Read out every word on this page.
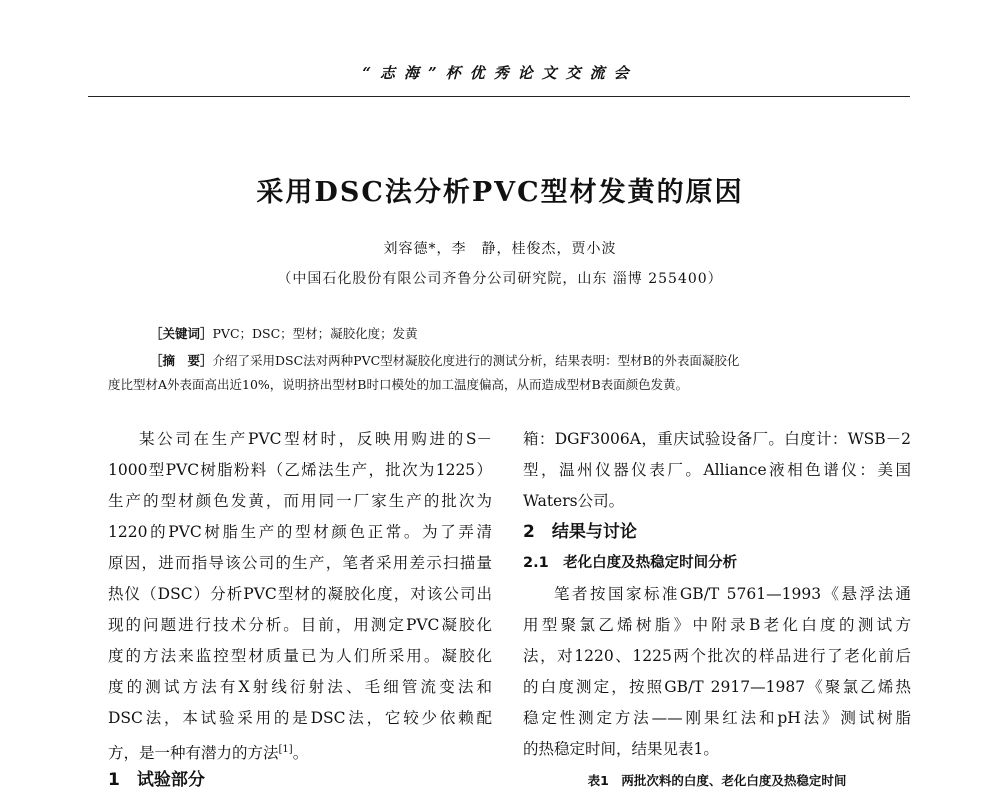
“志海”杯优秀论文交流会
采用DSC法分析PVC型材发黄的原因
刘容德*，李　静，桂俊杰，贾小波
（中国石化股份有限公司齐鲁分公司研究院，山东 淄博 255400）
［关键词］PVC；DSC；型材；凝胶化度；发黄
［摘　要］介绍了采用DSC法对两种PVC型材凝胶化度进行的测试分析，结果表明：型材B的外表面凝胶化
度比型材A外表面高出近10%，说明挤出型材B时口模处的加工温度偏高，从而造成型材B表面颜色发黄。
某公司在生产PVC型材时，反映用购进的S－
1000型PVC树脂粉料（乙烯法生产，批次为1225）
生产的型材颜色发黄，而用同一厂家生产的批次为
1220的PVC树脂生产的型材颜色正常。为了弄清
原因，进而指导该公司的生产，笔者采用差示扫描量
热仪（DSC）分析PVC型材的凝胶化度，对该公司出
现的问题进行技术分析。目前，用测定PVC凝胶化
度的方法来监控型材质量已为人们所采用。凝胶化
度的测试方法有X射线衍射法、毛细管流变法和
DSC法，本试验采用的是DSC法，它较少依赖配
方，是一种有潜力的方法[1]。
1　试验部分
箱：DGF3006A，重庆试验设备厂。白度计：WSB－2
型，温州仪器仪表厂。Alliance液相色谱仪：美国
Waters公司。
2　结果与讨论
2.1　老化白度及热稳定时间分析
笔者按国家标准GB/T 5761—1993《悬浮法通
用型聚氯乙烯树脂》中附录B老化白度的测试方
法，对1220、1225两个批次的样品进行了老化前后
的白度测定，按照GB/T 2917—1987《聚氯乙烯热
稳定性测定方法——刚果红法和pH法》测试树脂
的热稳定时间，结果见表1。
表1　两批次料的白度、老化白度及热稳定时间
